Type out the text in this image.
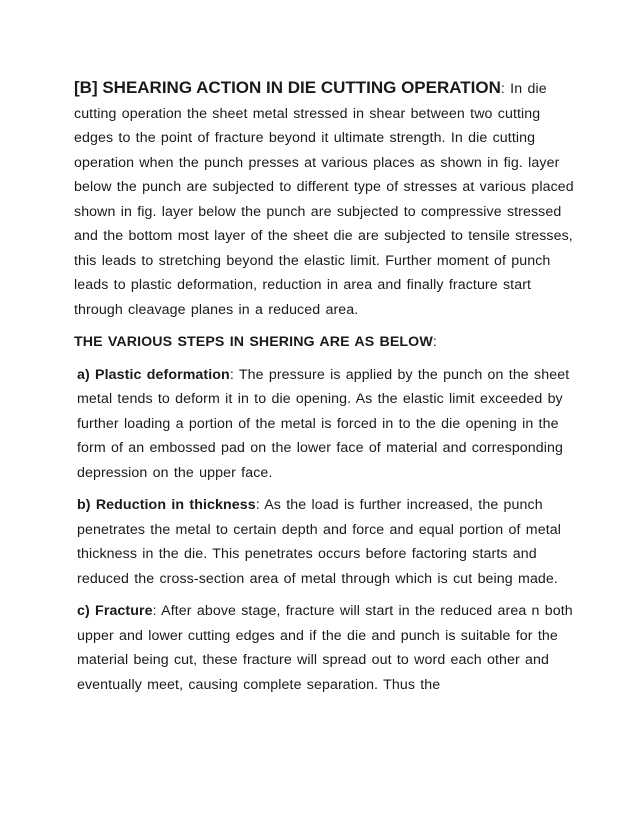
[B] SHEARING ACTION IN DIE CUTTING OPERATION: In die cutting operation the sheet metal stressed in shear between two cutting edges to the point of fracture beyond it ultimate strength. In die cutting operation when the punch presses at various places as shown in fig. layer below the punch are subjected to different type of stresses at various placed shown in fig. layer below the punch are subjected to compressive stressed and the bottom most layer of the sheet die are subjected to tensile stresses, this leads to stretching beyond the elastic limit. Further moment of punch leads to plastic deformation, reduction in area and finally fracture start through cleavage planes in a reduced area.

THE VARIOUS STEPS IN SHERING ARE AS BELOW:

a) Plastic deformation: The pressure is applied by the punch on the sheet metal tends to deform it in to die opening. As the elastic limit exceeded by further loading a portion of the metal is forced in to the die opening in the form of an embossed pad on the lower face of material and corresponding depression on the upper face.

b) Reduction in thickness: As the load is further increased, the punch penetrates the metal to certain depth and force and equal portion of metal thickness in the die. This penetrates occurs before factoring starts and reduced the cross-section area of metal through which is cut being made.

c) Fracture: After above stage, fracture will start in the reduced area n both upper and lower cutting edges and if the die and punch is suitable for the material being cut, these fracture will spread out to word each other and eventually meet, causing complete separation. Thus the
